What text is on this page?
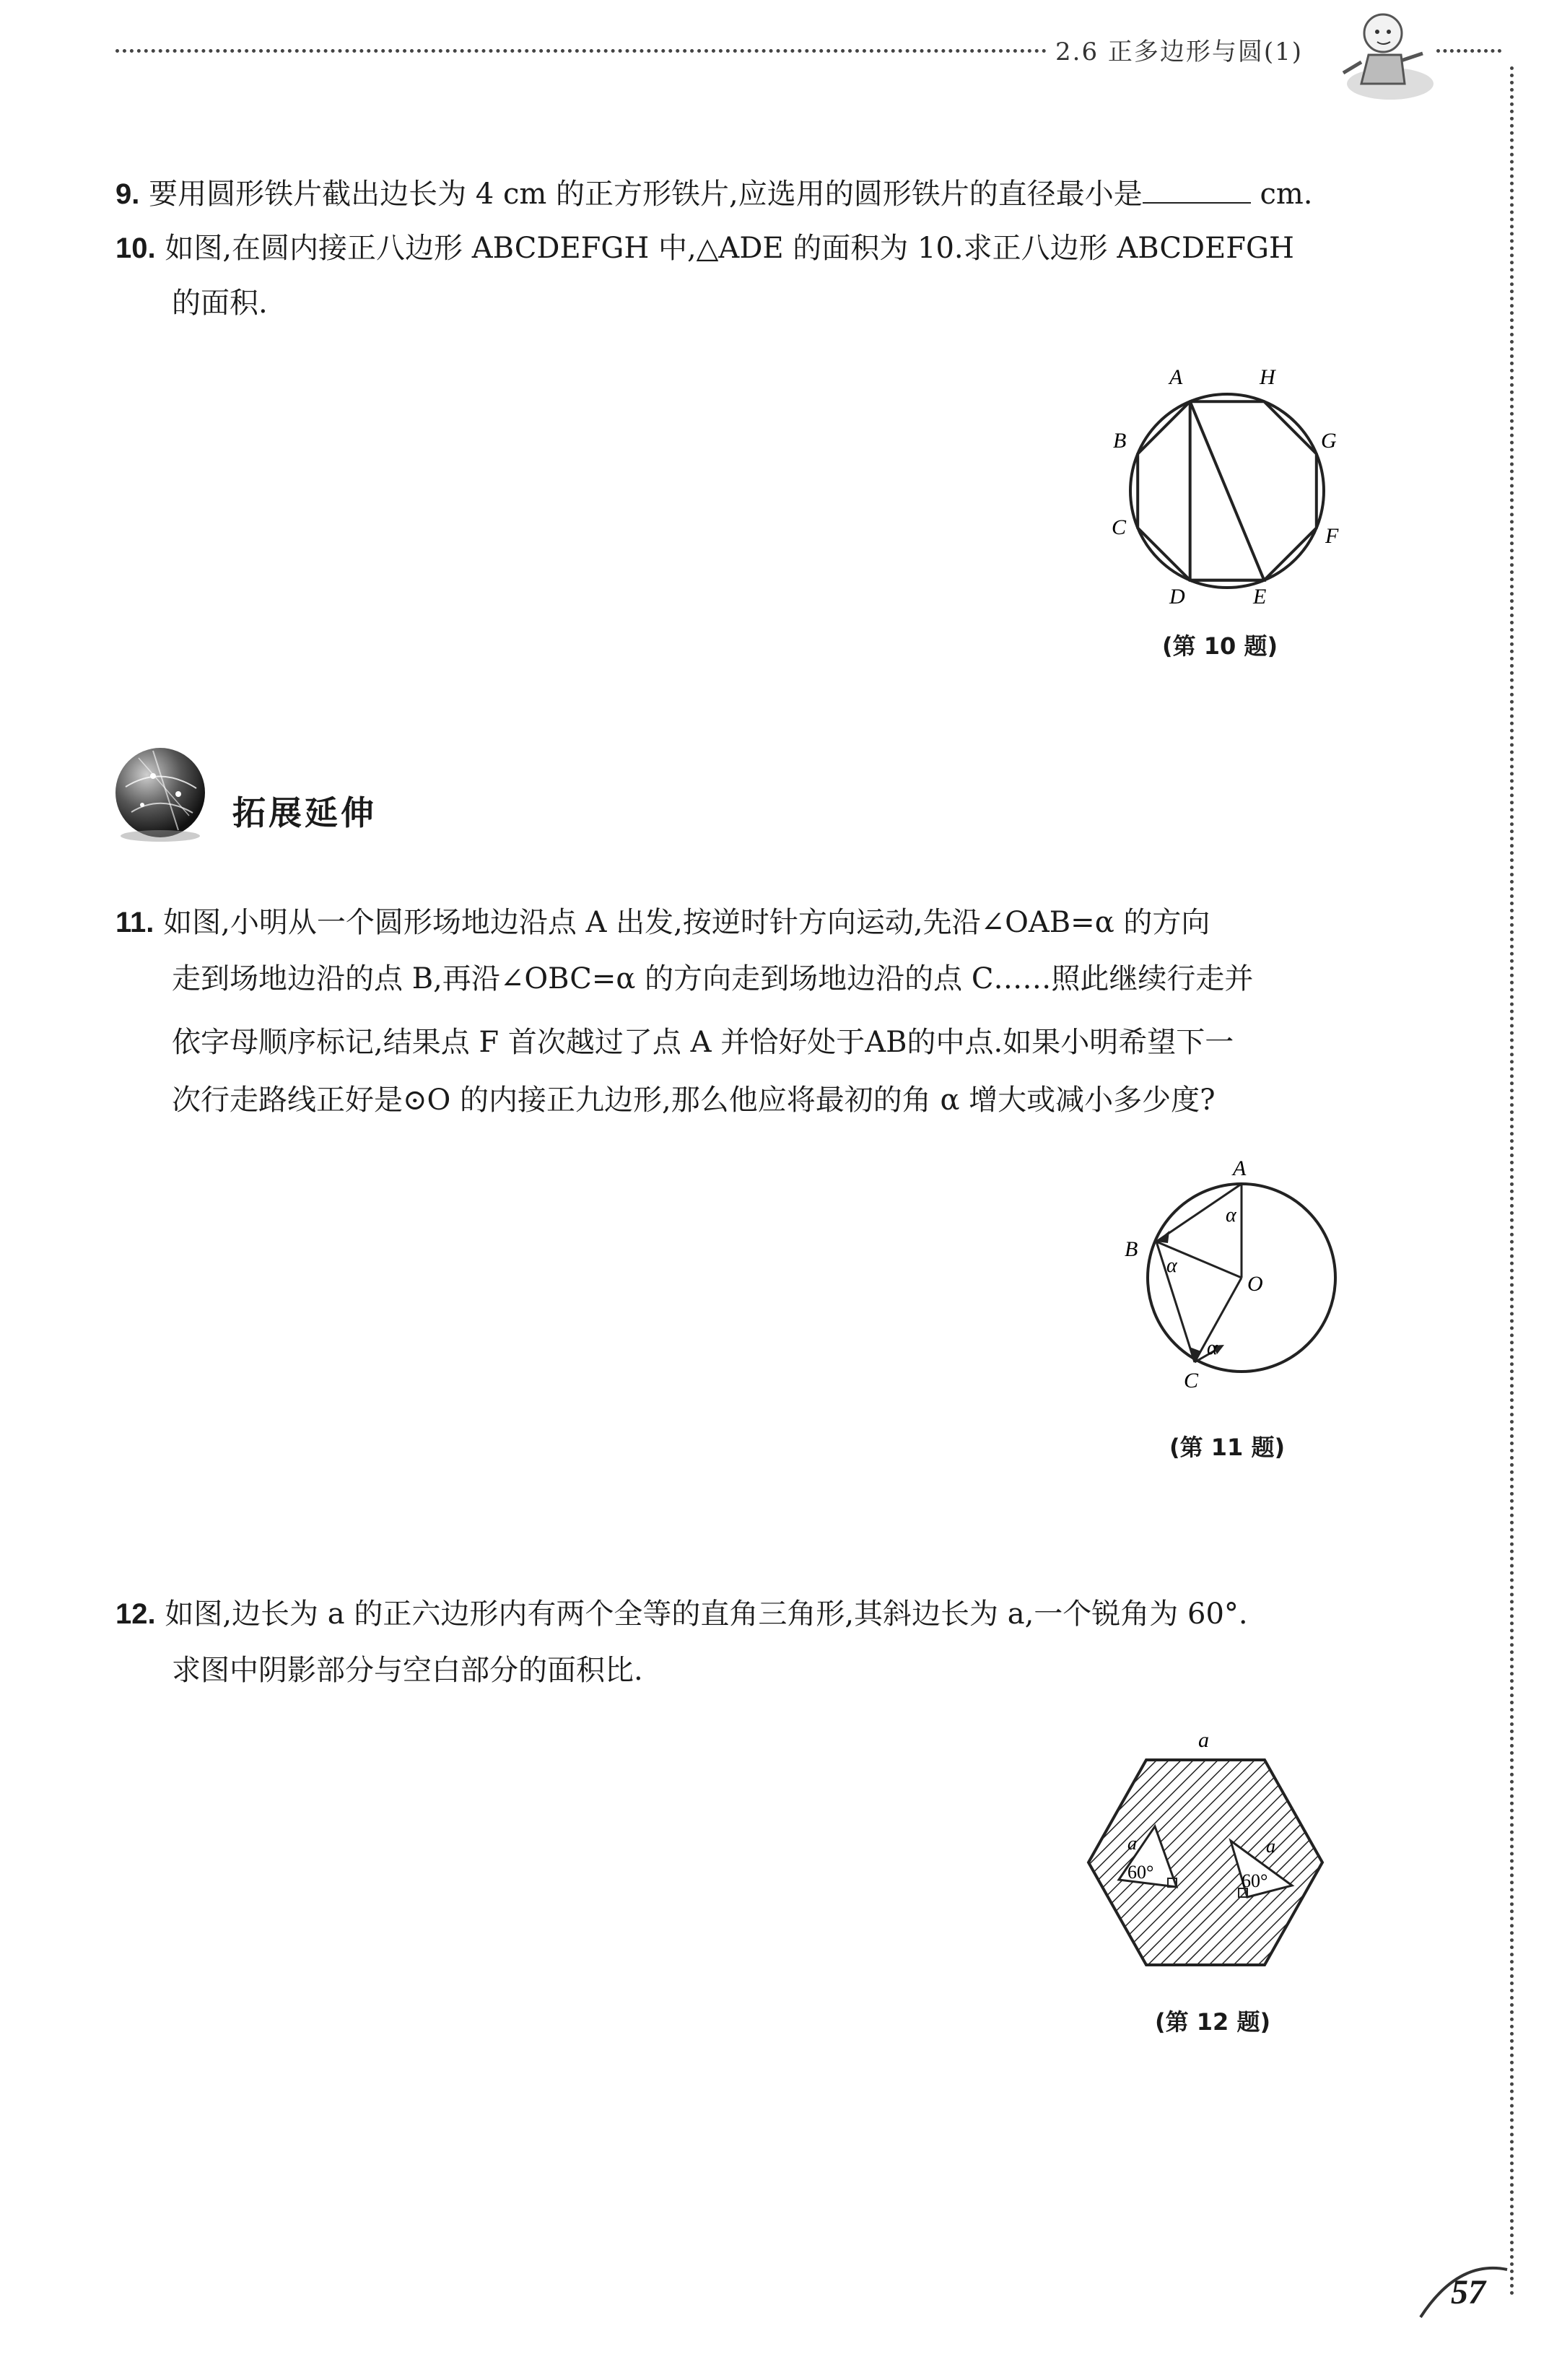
2.6 正多边形与圆(1)
9. 要用圆形铁片截出边长为 4 cm 的正方形铁片,应选用的圆形铁片的直径最小是	cm.
10. 如图,在圆内接正八边形 ABCDEFGH 中,△ADE 的面积为 10.求正八边形 ABCDEFGH
的面积.
A	H
B	G
C	F
D	E
(第 10 题)
拓展延伸
11. 如图,小明从一个圆形场地边沿点 A 出发,按逆时针方向运动,先沿∠OAB=α 的方向
走到场地边沿的点 B,再沿∠OBC=α 的方向走到场地边沿的点 C……照此继续行走并
依字母顺序标记,结果点 F 首次越过了点 A 并恰好处于AB的中点.如果小明希望下一
次行走路线正好是⊙O 的内接正九边形,那么他应将最初的角 α 增大或减小多少度?
A
B
O
C
α
α
α
(第 11 题)
12. 如图,边长为 a 的正六边形内有两个全等的直角三角形,其斜边长为 a,一个锐角为 60°.
求图中阴影部分与空白部分的面积比.
a
a	a
60°	60°
(第 12 题)
57
